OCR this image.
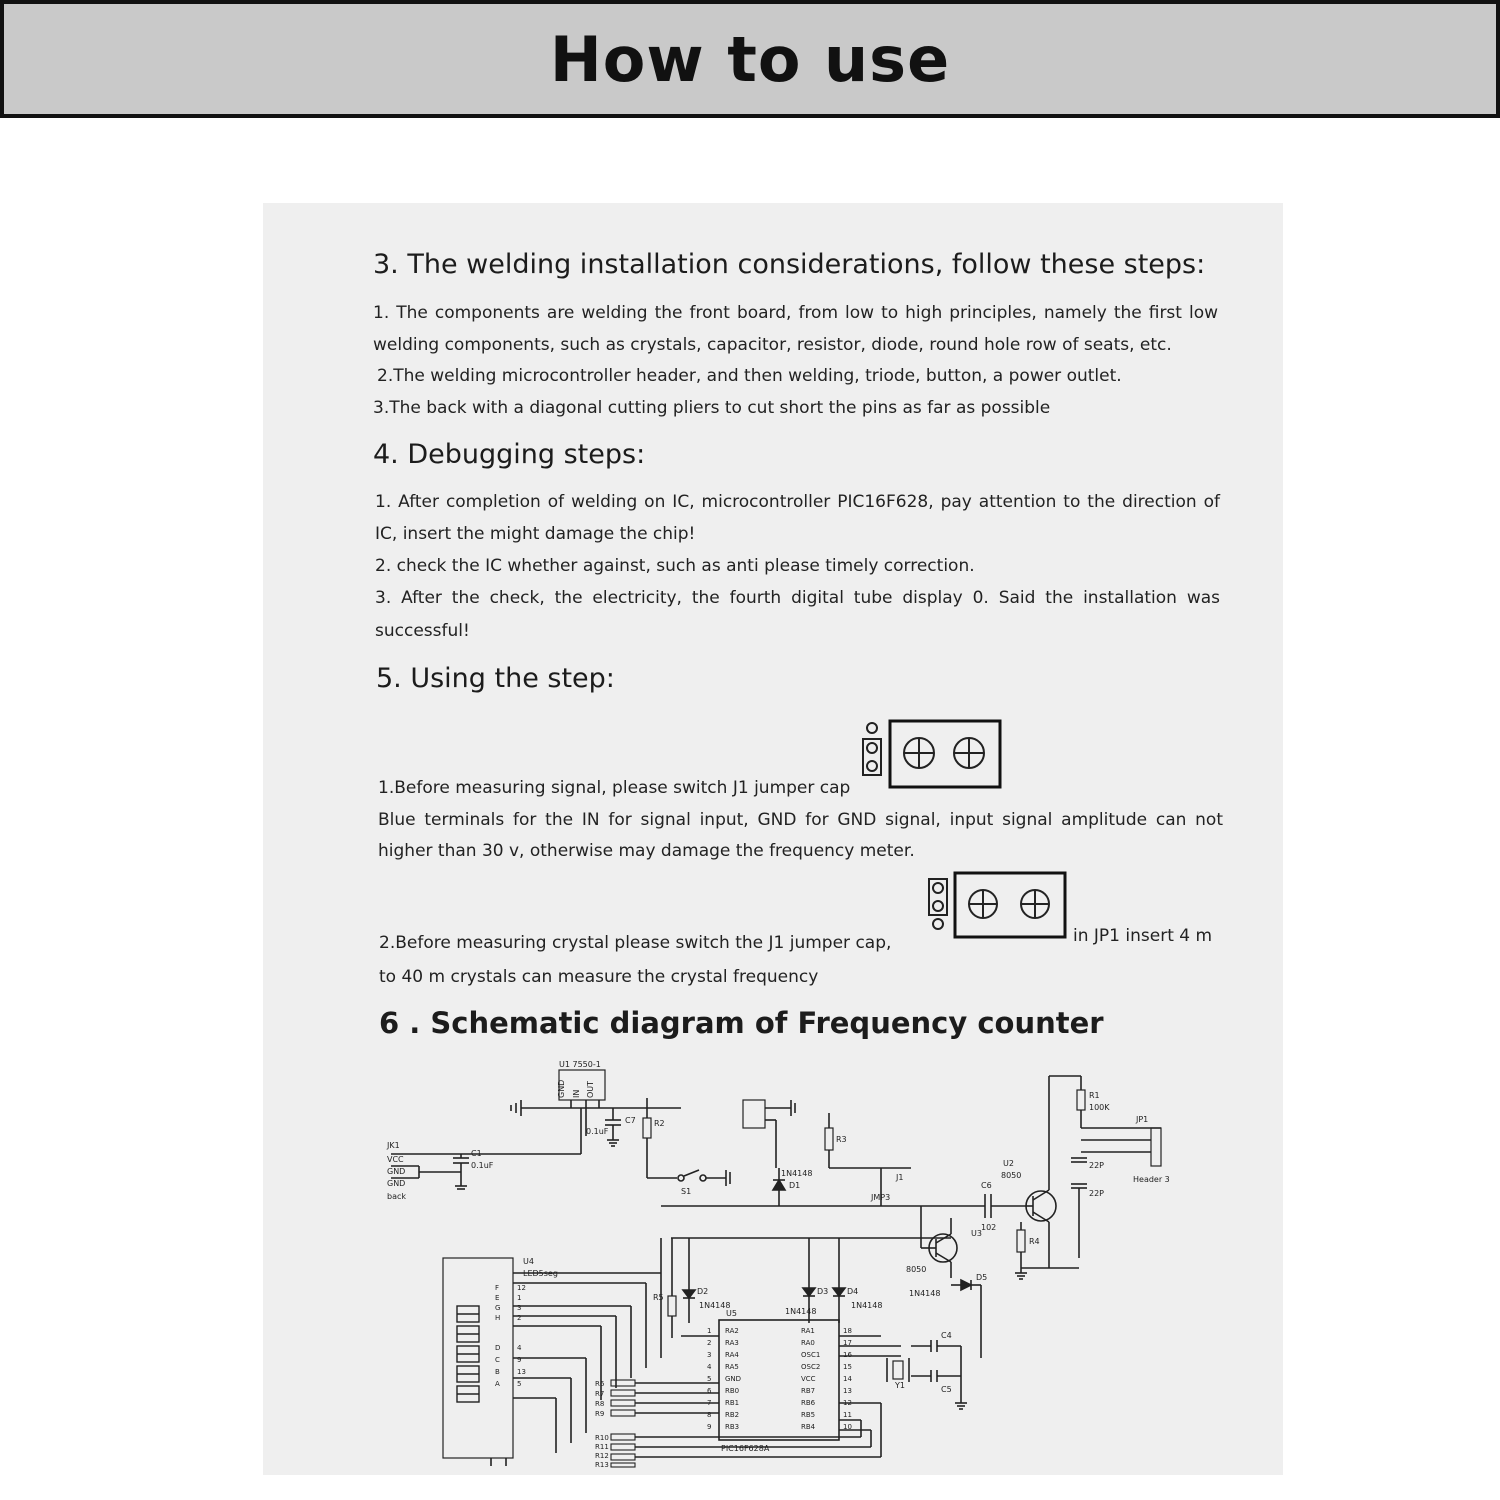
How to use
3. The welding installation considerations, follow these steps:
1. The components are welding the front board, from low to high principles, namely the first low
welding components, such as crystals, capacitor, resistor, diode, round hole row of seats, etc.
2.The welding microcontroller header, and then welding, triode, button, a power outlet.
3.The back with a diagonal cutting pliers to cut short the pins as far as possible
4. Debugging steps:
1. After completion of welding on IC, microcontroller PIC16F628, pay attention to the direction of
IC, insert the might damage the chip!
2. check the IC whether against, such as anti please timely correction.
3. After the check, the electricity, the fourth digital tube display 0. Said the installation was
successful!
5. Using the step:
1.Before measuring signal, please switch J1 jumper cap
Blue terminals for the IN for signal input, GND for GND signal, input signal amplitude can not
higher than 30 v, otherwise may damage the frequency meter.
2.Before measuring crystal please switch the J1 jumper cap,	in JP1 insert 4 m
to 40 m crystals can measure the crystal frequency
6 . Schematic diagram of Frequency counter
U1 7550-1
GND IN OUT
JK1
VCC
GND
GND
back
C1
0.1uF
0.1uF
C7 R2
S1
D1
1N4148
R3
JMP3
J1
C6
102
U2
8050
R1
100K
JP1
22P
22P
Header 3
R4
U3
8050
D5
1N4148
D2
1N4148
D3
1N4148
D4
1N4148
R5
U4
LED5seg
U5
PIC16F628A
Y1	C5
C4
RA2
1
RA3
2
RA4
3
RA5
4
GND
5
RB0
6
RB1
7
RB2
8
RB3
9
RA1	18
RA0	17
OSC1	16
OSC2	15
VCC	14
RB7	13
RB6	12
RB5	11
RB4	10
F	12
E	1
G 3
H 2
D 4
C 9
B 13
A 5	R6
R7
R8
R9
R10
R11
R12
R13
